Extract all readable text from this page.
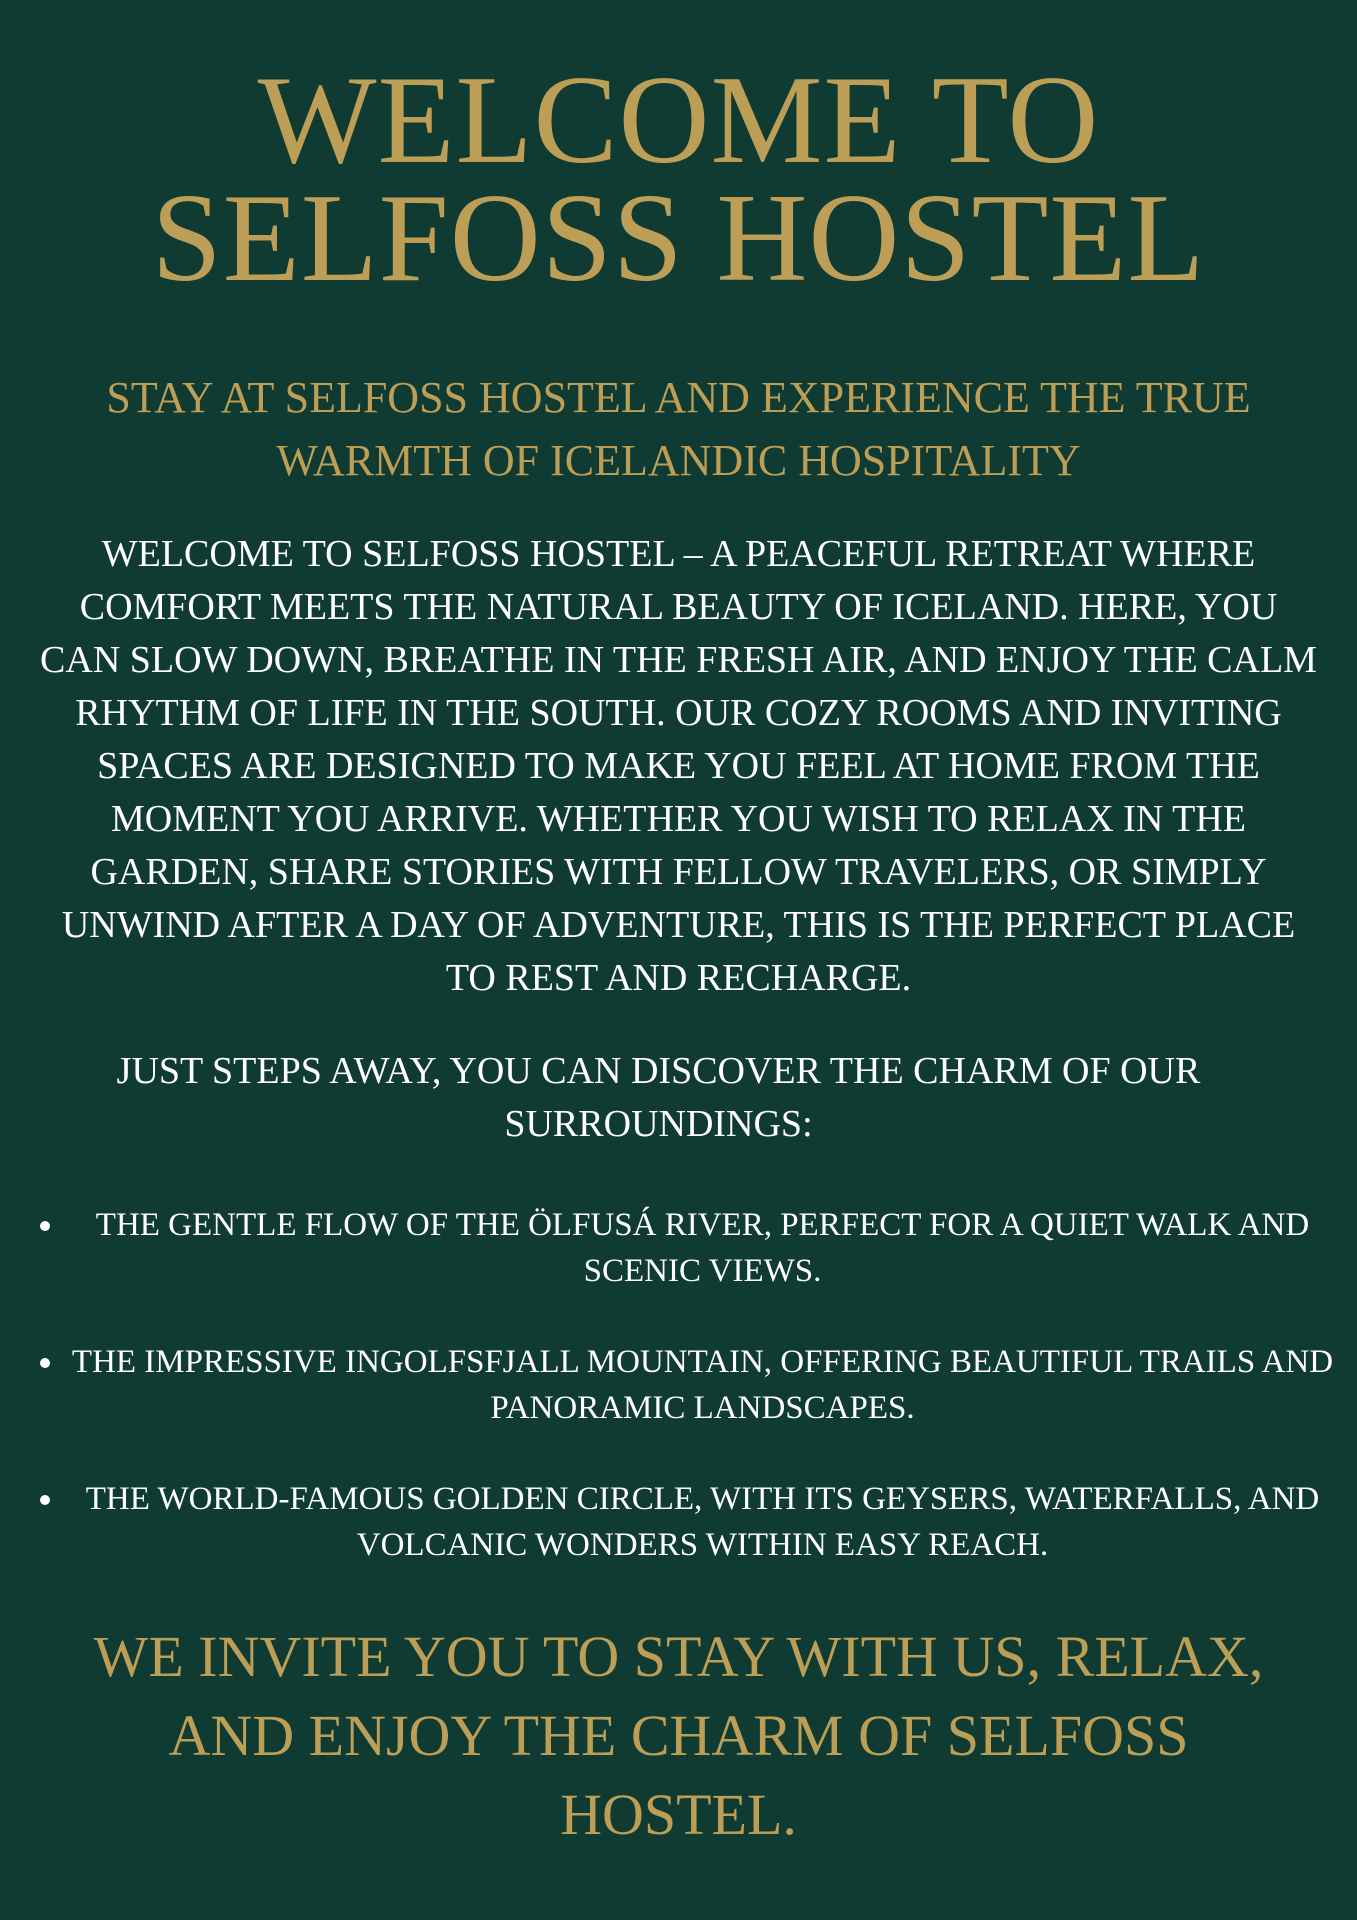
WELCOME TO
SELFOSS HOSTEL
STAY AT SELFOSS HOSTEL AND EXPERIENCE THE TRUE WARMTH OF ICELANDIC HOSPITALITY

WELCOME TO SELFOSS HOSTEL – A PEACEFUL RETREAT WHERE COMFORT MEETS THE NATURAL BEAUTY OF ICELAND. HERE, YOU CAN SLOW DOWN, BREATHE IN THE FRESH AIR, AND ENJOY THE CALM RHYTHM OF LIFE IN THE SOUTH. OUR COZY ROOMS AND INVITING SPACES ARE DESIGNED TO MAKE YOU FEEL AT HOME FROM THE MOMENT YOU ARRIVE. WHETHER YOU WISH TO RELAX IN THE GARDEN, SHARE STORIES WITH FELLOW TRAVELERS, OR SIMPLY UNWIND AFTER A DAY OF ADVENTURE, THIS IS THE PERFECT PLACE TO REST AND RECHARGE.

JUST STEPS AWAY, YOU CAN DISCOVER THE CHARM OF OUR SURROUNDINGS:

THE GENTLE FLOW OF THE ÖLFUSÁ RIVER, PERFECT FOR A QUIET WALK AND SCENIC VIEWS.
THE IMPRESSIVE INGOLFSFJALL MOUNTAIN, OFFERING BEAUTIFUL TRAILS AND PANORAMIC LANDSCAPES.
THE WORLD-FAMOUS GOLDEN CIRCLE, WITH ITS GEYSERS, WATERFALLS, AND VOLCANIC WONDERS WITHIN EASY REACH.

WE INVITE YOU TO STAY WITH US, RELAX, AND ENJOY THE CHARM OF SELFOSS HOSTEL.
